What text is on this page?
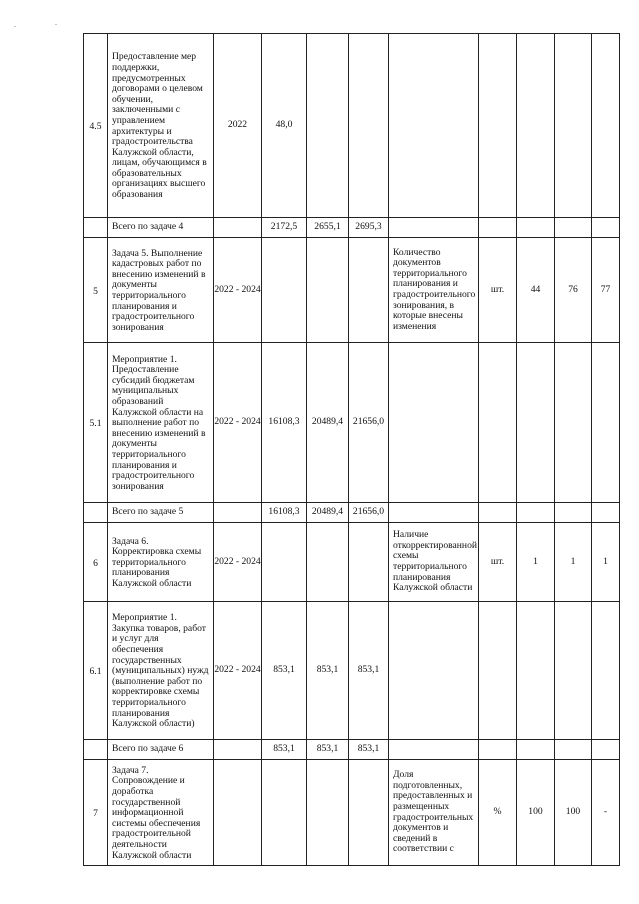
.	.
4.5	Предоставление мер поддержки, предусмотренных договорами о целевом обучении, заключенными с управлением архитектуры и градостроительства Калужской области, лицам, обучающимся в образовательных организациях высшего образования	2022	48,0							
	Всего по задаче 4		2172,5	2655,1	2695,3					
5	Задача 5. Выполнение кадастровых работ по внесению изменений в документы территориального планирования и градостроительного зонирования	2022 - 2024				Количество документов территориального планирования и градостроительного зонирования, в которые внесены изменения	шт.	44	76	77
5.1	Мероприятие 1. Предоставление субсидий бюджетам муниципальных образований Калужской области на выполнение работ по внесению изменений в документы территориального планирования и градостроительного зонирования	2022 - 2024	16108,3	20489,4	21656,0					
	Всего по задаче 5		16108,3	20489,4	21656,0					
6	Задача 6. Корректировка схемы территориального планирования Калужской области	2022 - 2024				Наличие откорректированной схемы территориального планирования Калужской области	шт.	1	1	1
6.1	Мероприятие 1. Закупка товаров, работ и услуг для обеспечения государственных (муниципальных) нужд (выполнение работ по корректировке схемы территориального планирования Калужской области)	2022 - 2024	853,1	853,1	853,1					
	Всего по задаче 6		853,1	853,1	853,1					
7	Задача 7. Сопровождение и доработка государственной информационной системы обеспечения градостроительной деятельности Калужской области					Доля подготовленных, предоставленных и размещенных градостроительных документов и сведений в соответствии с	%	100	100	-
